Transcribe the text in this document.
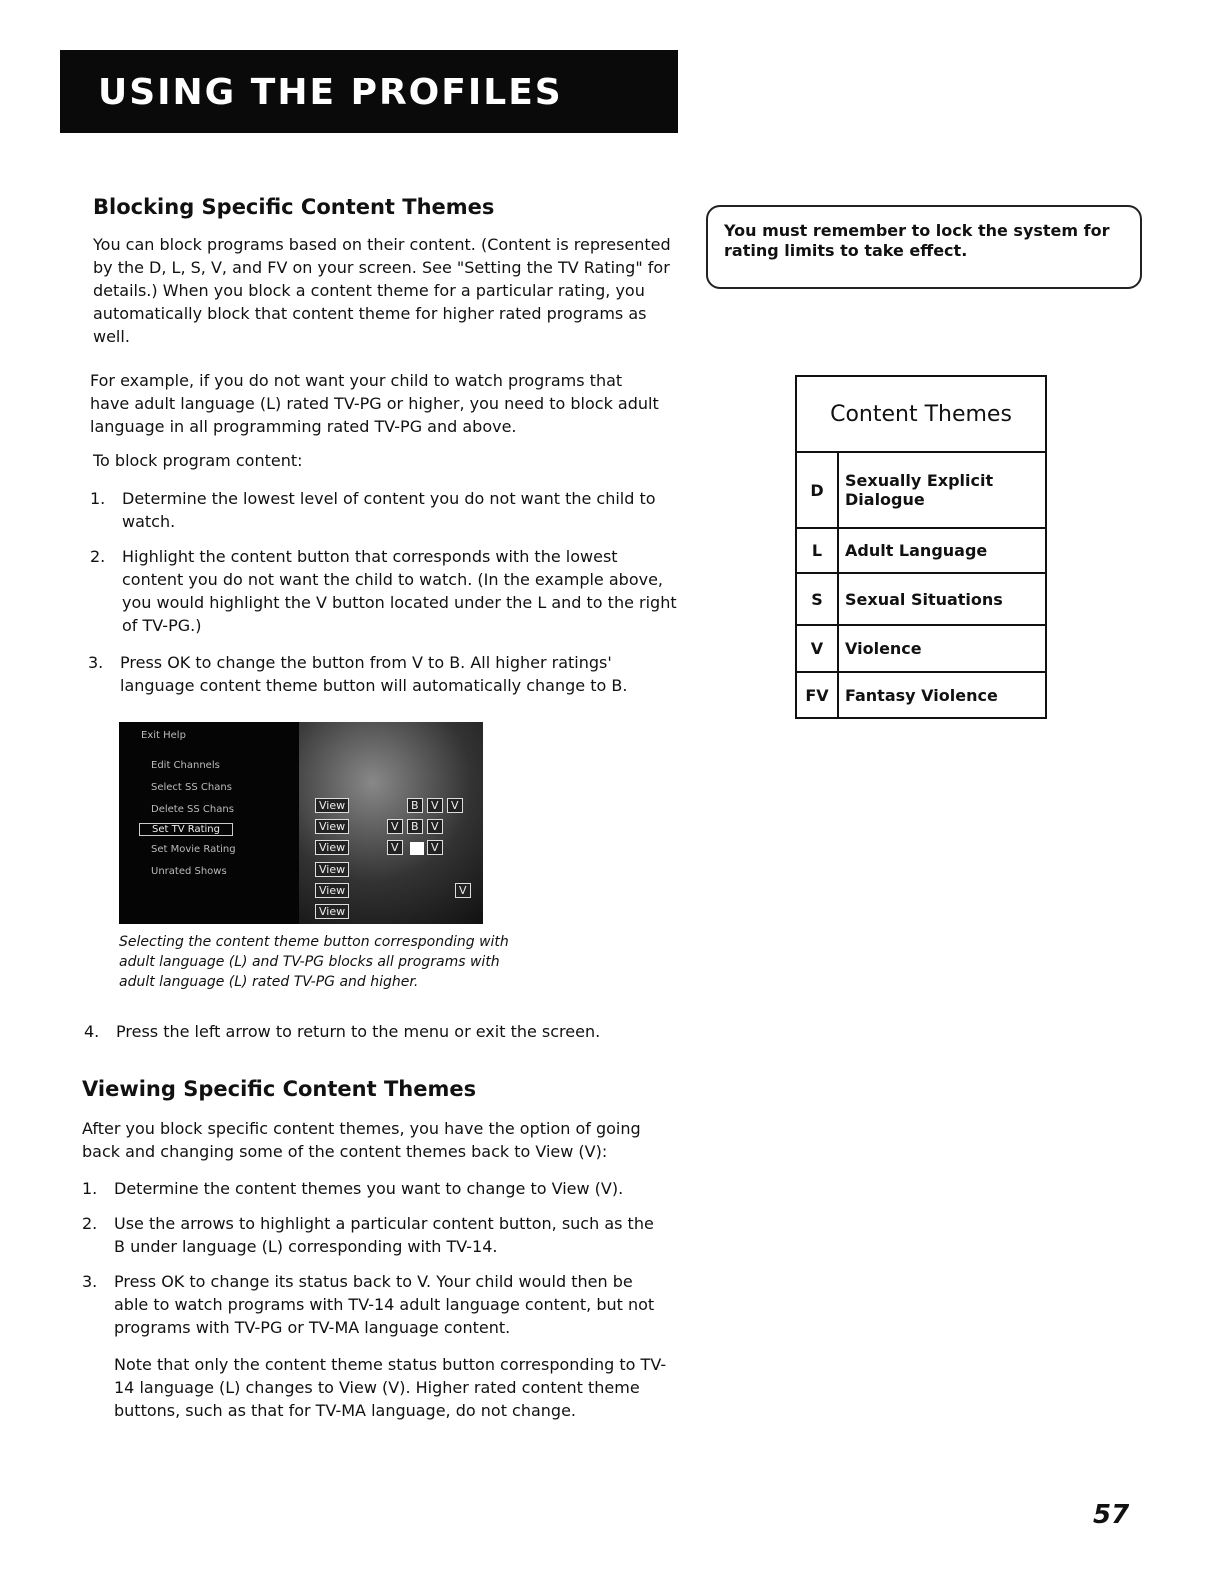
USING THE PROFILES
Blocking Specific Content Themes

You can block programs based on their content. (Content is represented by the D, L, S, V, and FV on your screen. See "Setting the TV Rating" for details.) When you block a content theme for a particular rating, you automatically block that content theme for higher rated programs as well.

For example, if you do not want your child to watch programs that have adult language (L) rated TV-PG or higher, you need to block adult language in all programming rated TV-PG and above.

To block program content:

1. Determine the lowest level of content you do not want the child to watch.
2. Highlight the content button that corresponds with the lowest content you do not want the child to watch. (In the example above, you would highlight the V button located under the L and to the right of TV-PG.)
3. Press OK to change the button from V to B. All higher ratings' language content theme button will automatically change to B.
Exit Help
Edit Channels
Select SS Chans
Delete SS Chans
Set TV Rating
Set Movie Rating
Unrated Shows
View
View
View
View
View
View
B	V	V
V	B	V
V	V
V
Selecting the content theme button corresponding with adult language (L) and TV-PG blocks all programs with adult language (L) rated TV-PG and higher.
4. Press the left arrow to return to the menu or exit the screen.
Viewing Specific Content Themes

After you block specific content themes, you have the option of going back and changing some of the content themes back to View (V):

1. Determine the content themes you want to change to View (V).
2. Use the arrows to highlight a particular content button, such as the B under language (L) corresponding with TV-14.
3. Press OK to change its status back to V. Your child would then be able to watch programs with TV-14 adult language content, but not programs with TV-PG or TV-MA language content.

Note that only the content theme status button corresponding to TV-14 language (L) changes to View (V). Higher rated content theme buttons, such as that for TV-MA language, do not change.

You must remember to lock the system for rating limits to take effect.
Content Themes	
D	Sexually Explicit Dialogue
L	Adult Language
S	Sexual Situations
V	Violence
FV	Fantasy Violence
57
